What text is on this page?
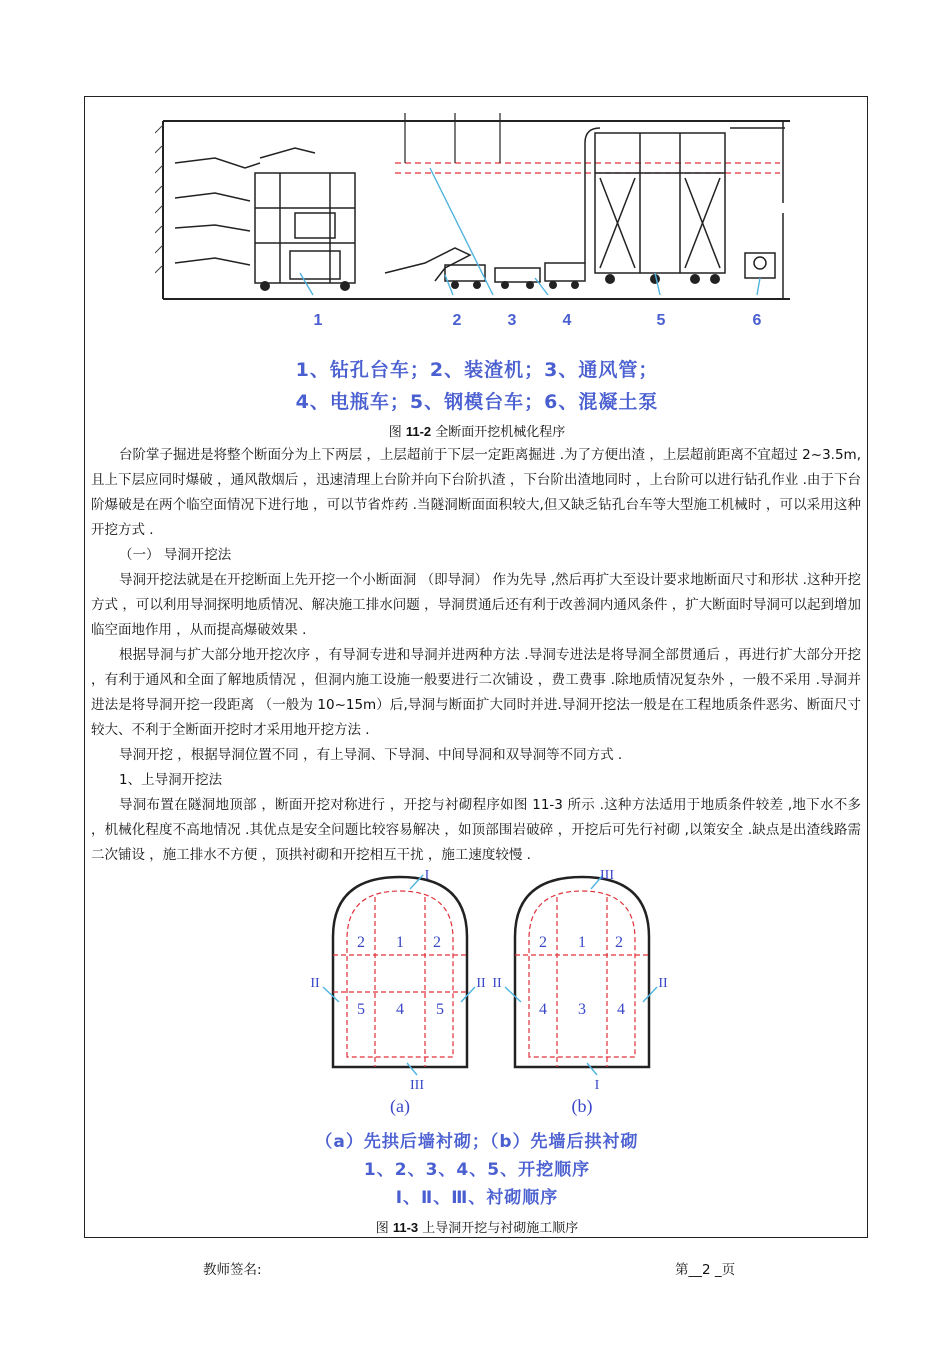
1	2	3	4	5	6
1、钻孔台车；2、装渣机；3、通风管；
4、电瓶车；5、钢模台车；6、混凝土泵
图 11-2 全断面开挖机械化程序

台阶掌子掘进是将整个断面分为上下两层 ，上层超前于下层一定距离掘进 .为了方便出渣 ，上层超前距离不宜超过 2~3.5m,且上下层应同时爆破 ，通风散烟后 ，迅速清理上台阶并向下台阶扒渣 ，下台阶出渣地同时 ，上台阶可以进行钻孔作业 .由于下台阶爆破是在两个临空面情况下进行地 ，可以节省炸药 .当隧洞断面面积较大,但又缺乏钻孔台车等大型施工机械时 ，可以采用这种开挖方式 .

（一） 导洞开挖法

导洞开挖法就是在开挖断面上先开挖一个小断面洞 （即导洞） 作为先导 ,然后再扩大至设计要求地断面尺寸和形状 .这种开挖方式 ，可以利用导洞探明地质情况、解决施工排水问题 ，导洞贯通后还有利于改善洞内通风条件 ，扩大断面时导洞可以起到增加临空面地作用 ，从而提高爆破效果 .

根据导洞与扩大部分地开挖次序 ，有导洞专进和导洞并进两种方法 .导洞专进法是将导洞全部贯通后 ，再进行扩大部分开挖 ，有利于通风和全面了解地质情况 ，但洞内施工设施一般要进行二次铺设 ，费工费事 .除地质情况复杂外 ，一般不采用 .导洞并进法是将导洞开挖一段距离 （一般为 10~15m）后,导洞与断面扩大同时并进.导洞开挖法一般是在工程地质条件恶劣、断面尺寸较大、不利于全断面开挖时才采用地开挖方法 .

导洞开挖 ，根据导洞位置不同 ，有上导洞、下导洞、中间导洞和双导洞等不同方式 .

1、上导洞开挖法

导洞布置在隧洞地顶部 ，断面开挖对称进行 ，开挖与衬砌程序如图 11-3 所示 .这种方法适用于地质条件较差 ,地下水不多 ，机械化程度不高地情况 .其优点是安全问题比较容易解决 ，如顶部围岩破碎 ，开挖后可先行衬砌 ,以策安全 .缺点是出渣线路需二次铺设 ，施工排水不方便 ，顶拱衬砌和开挖相互干扰 ，施工速度较慢 .

2 1 2
5 4 5
I
II	II
III
(a)
2 1 2
4 3 4
III
II	II
I
(b)
（a）先拱后墙衬砌；（b）先墙后拱衬砌
1、2、3、4、5、开挖顺序
Ⅰ、Ⅱ、Ⅲ、衬砌顺序
图 11-3 上导洞开挖与衬砌施工顺序
教师签名:	第__2 _页
